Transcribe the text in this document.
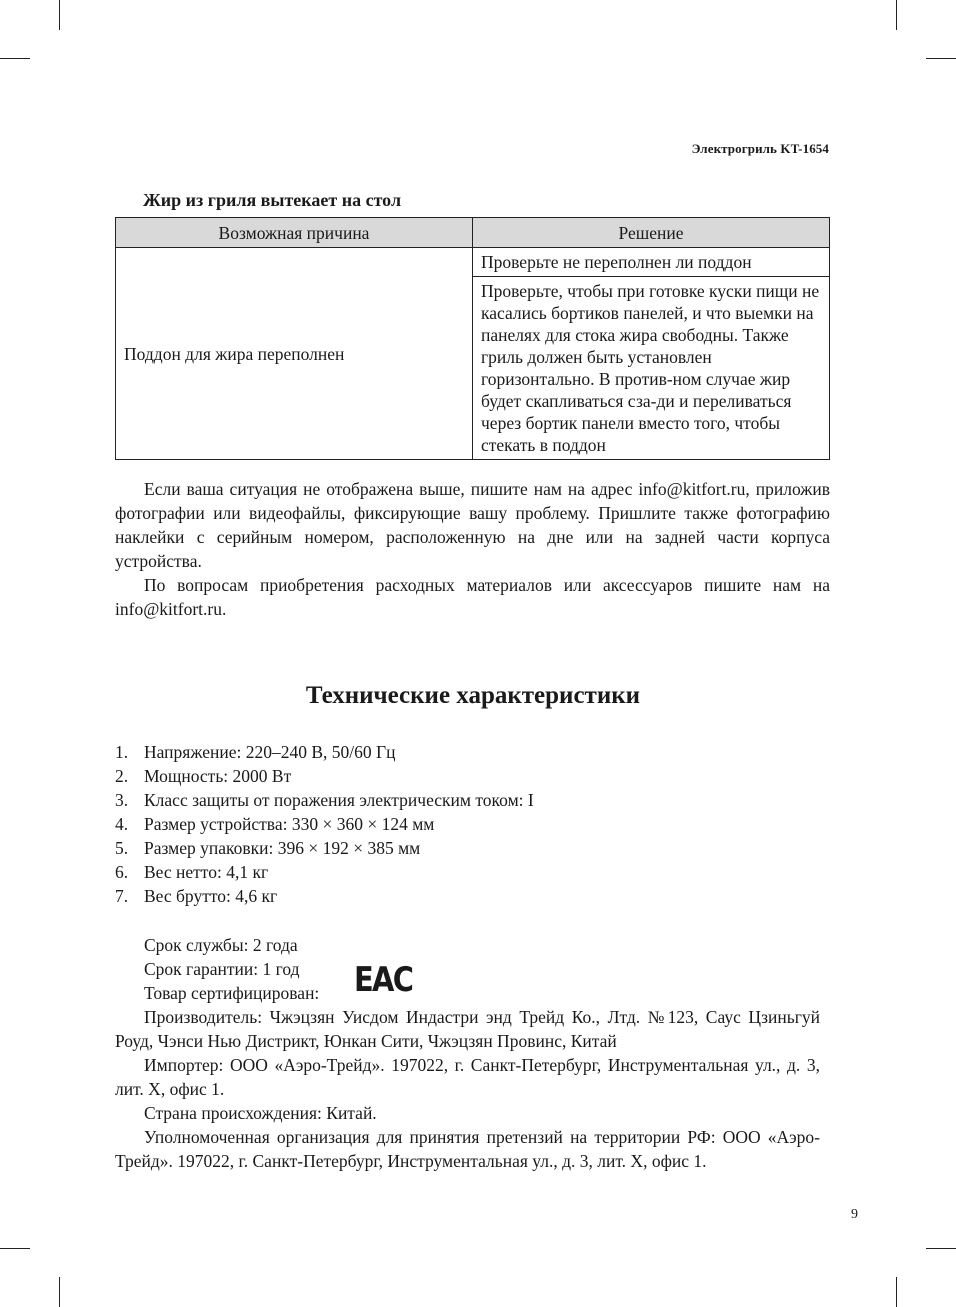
Электрогриль KT-1654
Жир из гриля вытекает на стол
Возможная причина	Решение
Поддон для жира переполнен	Проверьте не переполнен ли поддон
	Проверьте, чтобы при готовке куски пищи не касались бортиков панелей, и что выемки на панелях для стока жира свободны. Также гриль должен быть установлен горизонтально. В против-ном случае жир будет скапливаться сза-ди и переливаться через бортик панели вместо того, чтобы стекать в поддон

Если ваша ситуация не отображена выше, пишите нам на адрес info@kitfort.ru, приложив фотографии или видеофайлы, фиксирующие вашу проблему. Пришлите также фотографию наклейки с серийным номером, расположенную на дне или на задней части корпуса устройства.

По вопросам приобретения расходных материалов или аксессуаров пишите нам на info@kitfort.ru.

Технические характеристики
1. Напряжение: 220–240 В, 50/60 Гц
2. Мощность: 2000 Вт
3. Класс защиты от поражения электрическим током: I
4. Размер устройства: 330 × 360 × 124 мм
5. Размер упаковки: 396 × 192 × 385 мм
6. Вес нетто: 4,1 кг
7. Вес брутто: 4,6 кг

Срок службы: 2 года

Срок гарантии: 1 год

Товар сертифицирован:

Производитель: Чжэцзян Уисдом Индастри энд Трейд Ко., Лтд. №123, Саус Цзиньгуй Роуд, Чэнси Нью Дистрикт, Юнкан Сити, Чжэцзян Провинс, Китай

Импортер: ООО «Аэро-Трейд». 197022, г. Санкт-Петербург, Инструментальная ул., д. 3, лит. Х, офис 1.

Страна происхождения: Китай.

Уполномоченная организация для принятия претензий на территории РФ: ООО «Аэро-Трейд». 197022, г. Санкт-Петербург, Инструментальная ул., д. 3, лит. Х, офис 1.

EAC
9
